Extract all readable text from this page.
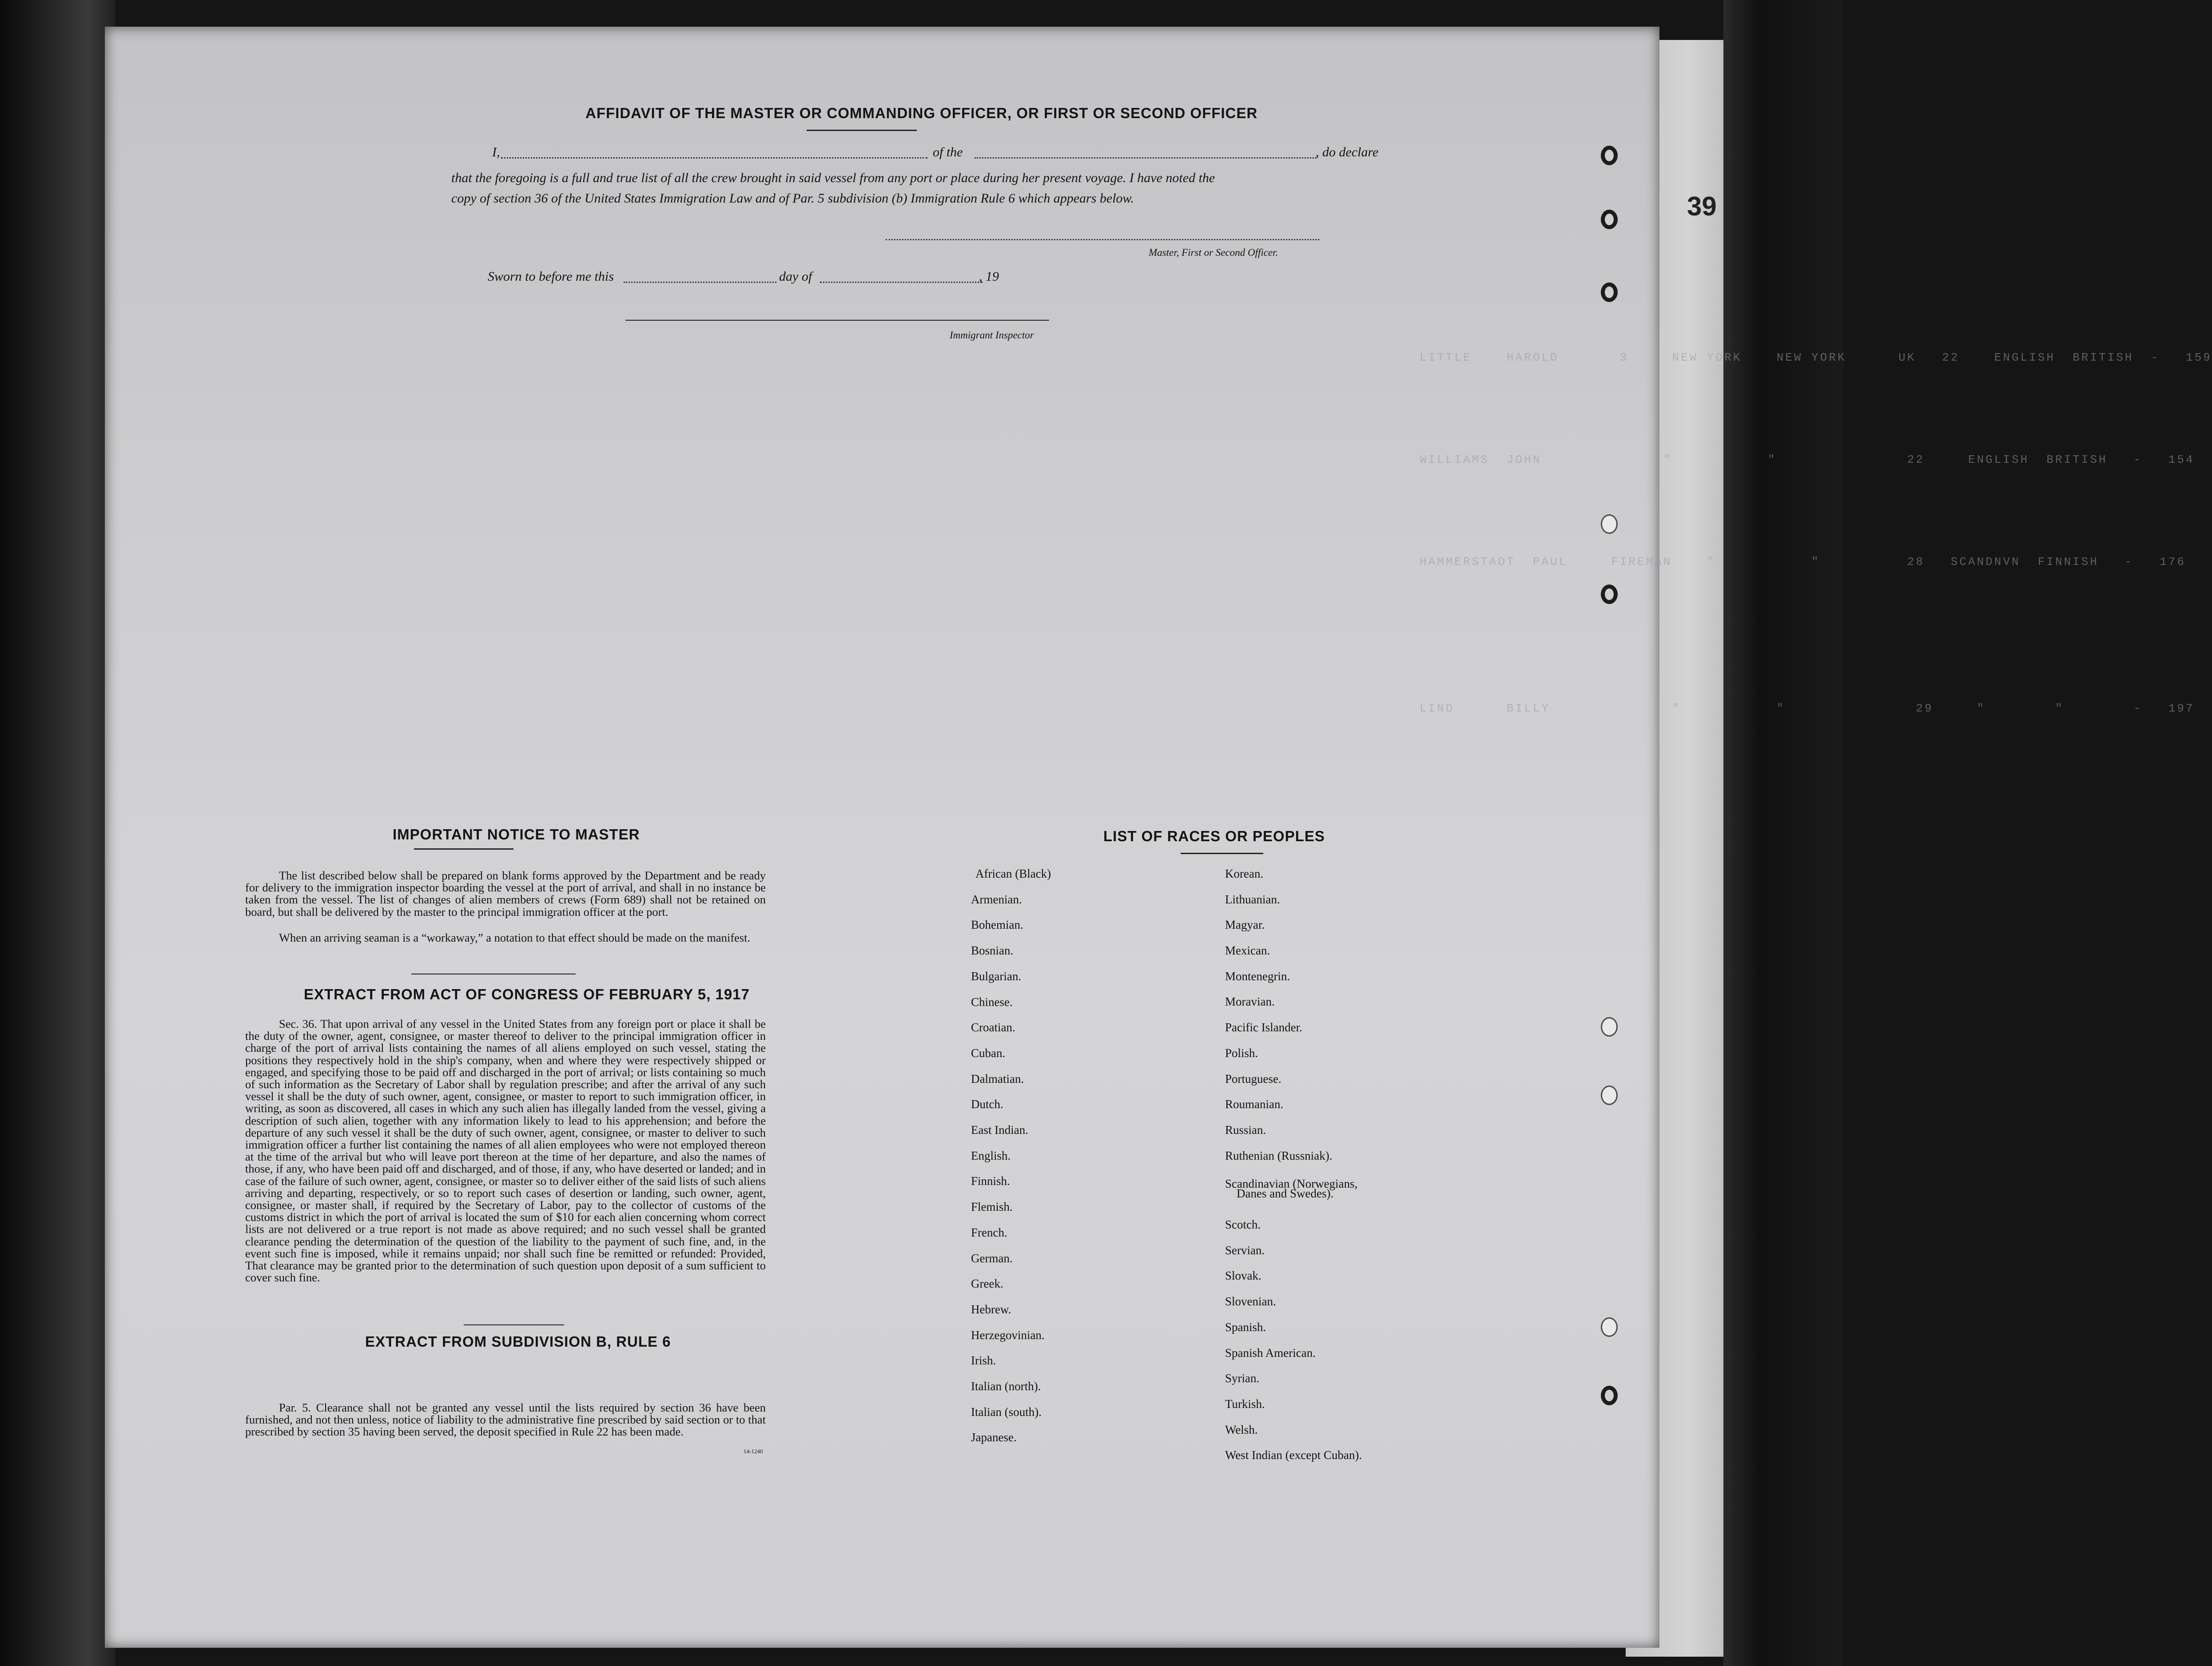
39
LITTLE    HAROLD       3     NEW YORK    NEW YORK      UK   22    ENGLISH  BRITISH  -   159
WILLIAMS  JOHN              "           "               22     ENGLISH  BRITISH   -   154
HAMMERSTADT  PAUL     FIREMAN    "           "          28   SCANDNVN  FINNISH   -   176
LIND      BILLY              "           "               29     "        "        -   197
AFFIDAVIT OF THE MASTER OR COMMANDING OFFICER, OR FIRST OR SECOND OFFICER
I,	of the	, do declare
that the foregoing is a full and true list of all the crew brought in said vessel from any port or place during her present voyage. I have noted the
copy of section 36 of the United States Immigration Law and of Par. 5 subdivision (b) Immigration Rule 6 which appears below.
Master, First or Second Officer.
Sworn to before me this	day of	, 19
Immigrant Inspector
IMPORTANT NOTICE TO MASTER
The list described below shall be prepared on blank forms approved by the Department and be ready for delivery to the immigration inspector boarding the vessel at the port of arrival, and shall in no instance be taken from the vessel. The list of changes of alien members of crews (Form 689) shall not be retained on board, but shall be delivered by the master to the principal immigration officer at the port.
When an arriving seaman is a “workaway,” a notation to that effect should be made on the manifest.
EXTRACT FROM ACT OF CONGRESS OF FEBRUARY 5, 1917
Sec. 36. That upon arrival of any vessel in the United States from any foreign port or place it shall be the duty of the owner, agent, consignee, or master thereof to deliver to the principal immigration officer in charge of the port of arrival lists containing the names of all aliens employed on such vessel, stating the positions they respectively hold in the ship's company, when and where they were respectively shipped or engaged, and specifying those to be paid off and discharged in the port of arrival; or lists containing so much of such information as the Secretary of Labor shall by regulation prescribe; and after the arrival of any such vessel it shall be the duty of such owner, agent, consignee, or master to report to such immigration officer, in writing, as soon as discovered, all cases in which any such alien has illegally landed from the vessel, giving a description of such alien, together with any information likely to lead to his apprehension; and before the departure of any such vessel it shall be the duty of such owner, agent, consignee, or master to deliver to such immigration officer a further list containing the names of all alien employees who were not employed thereon at the time of the arrival but who will leave port thereon at the time of her departure, and also the names of those, if any, who have been paid off and discharged, and of those, if any, who have deserted or landed; and in case of the failure of such owner, agent, consignee, or master so to deliver either of the said lists of such aliens arriving and departing, respectively, or so to report such cases of desertion or landing, such owner, agent, consignee, or master shall, if required by the Secretary of Labor, pay to the collector of customs of the customs district in which the port of arrival is located the sum of $10 for each alien concerning whom correct lists are not delivered or a true report is not made as above required; and no such vessel shall be granted clearance pending the determination of the question of the liability to the payment of such fine, and, in the event such fine is imposed, while it remains unpaid; nor shall such fine be remitted or refunded: Provided, That clearance may be granted prior to the determination of such question upon deposit of a sum sufficient to cover such fine.
EXTRACT FROM SUBDIVISION B, RULE 6
Par. 5. Clearance shall not be granted any vessel until the lists required by section 36 have been furnished, and not then unless, notice of liability to the administrative fine prescribed by said section or to that prescribed by section 35 having been served, the deposit specified in Rule 22 has been made.
14-1240
LIST OF RACES OR PEOPLES
African (Black)
Armenian.
Bohemian.
Bosnian.
Bulgarian.
Chinese.
Croatian.
Cuban.
Dalmatian.
Dutch.
East Indian.
English.
Finnish.
Flemish.
French.
German.
Greek.
Hebrew.
Herzegovinian.
Irish.
Italian (north).
Italian (south).
Japanese.
Korean.
Lithuanian.
Magyar.
Mexican.
Montenegrin.
Moravian.
Pacific Islander.
Polish.
Portuguese.
Roumanian.
Russian.
Ruthenian (Russniak).
Scandinavian (Norwegians,
Danes and Swedes).
Scotch.
Servian.
Slovak.
Slovenian.
Spanish.
Spanish American.
Syrian.
Turkish.
Welsh.
West Indian (except Cuban).
